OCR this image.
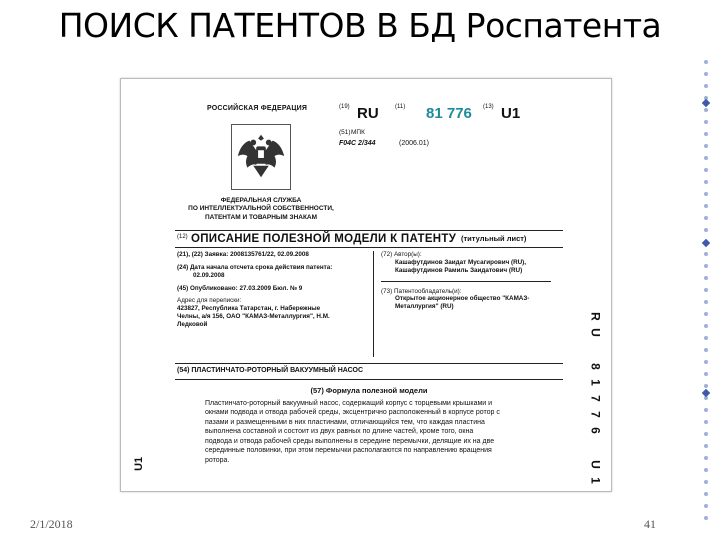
ПОИСК ПАТЕНТОВ В БД Роспатента
РОССИЙСКАЯ ФЕДЕРАЦИЯ	(19) RU	(11) 81 776 (13) U1
(51) МПК
F04C 2/344	(2006.01)
ФЕДЕРАЛЬНАЯ СЛУЖБА
ПО ИНТЕЛЛЕКТУАЛЬНОЙ СОБСТВЕННОСТИ,
ПАТЕНТАМ И ТОВАРНЫМ ЗНАКАМ
(12) ОПИСАНИЕ ПОЛЕЗНОЙ МОДЕЛИ К ПАТЕНТУ (титульный лист)

(21), (22) Заявка: 2008135761/22, 02.09.2008

(24) Дата начала отсчета срока действия патента:
02.09.2008

(45) Опубликовано: 27.03.2009 Бюл. № 9

Адрес для переписки:
423827, Республика Татарстан, г. Набережные
Челны, а/я 156, ОАО "КАМАЗ-Металлургия", Н.М.
Ледковой

(72) Автор(ы):
Кашафутдинов Заидат Мусагирович (RU),
Кашафутдинов Рамиль Заидатович (RU)

(73) Патентообладатель(и):
Открытое акционерное общество "КАМАЗ-
Металлургия" (RU)

(54) ПЛАСТИНЧАТО-РОТОРНЫЙ ВАКУУМНЫЙ НАСОС
(57) Формула полезной модели
Пластинчато-роторный вакуумный насос, содержащий корпус с торцевыми крышками и
окнами подвода и отвода рабочей среды, эксцентрично расположенный в корпусе ротор с
пазами и размещенными в них пластинами, отличающийся тем, что каждая пластина
выполнена составной и состоит из двух равных по длине частей, кроме того, окна
подвода и отвода рабочей среды выполнены в середине перемычки, делящие их на две
серединные половинки, при этом перемычки располагаются по направлению вращения
ротора.
R
U
8
1
7
7
6
U
1
U1
2/1/2018	41
